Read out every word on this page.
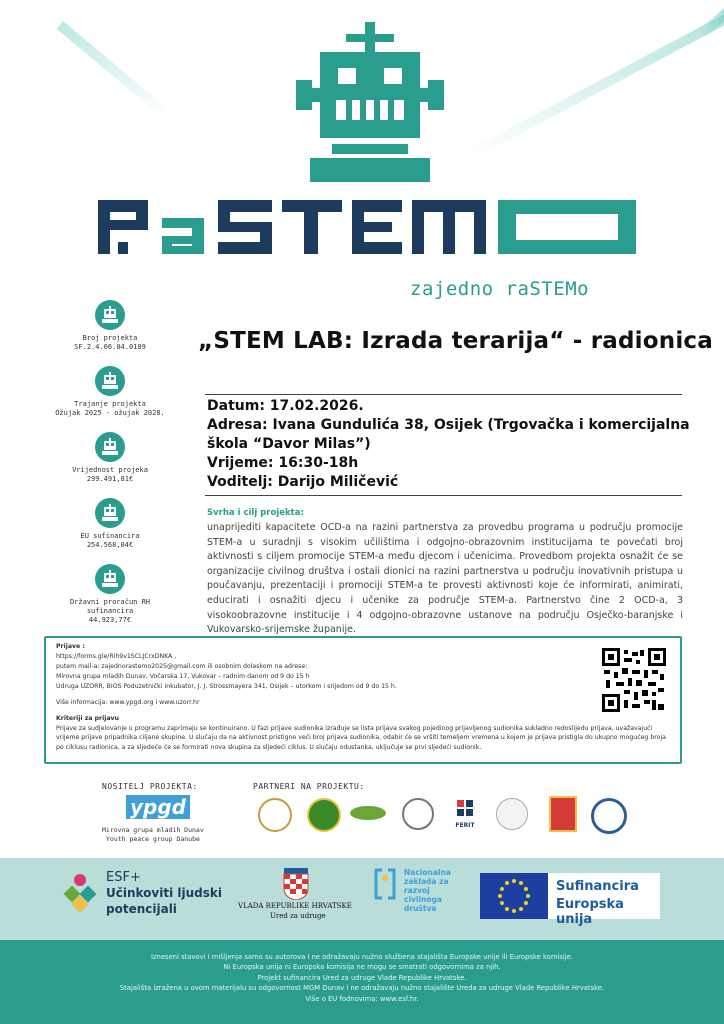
zajedno raSTEMo
Broj projekta
SF.2.4.06.04.0109
Trajanje projekta
Ožujak 2025 - ožujak 2028.
Vrijednost projeka
299.491,81€
EU sufinancira
254.568,04€
Državni proračun RH sufinancira
44.923,77€
„STEM LAB: Izrada terarija“ - radionica
Datum: 17.02.2026.
Adresa: Ivana Gundulića 38, Osijek (Trgovačka i komercijalna
škola “Davor Milas”)
Vrijeme: 16:30-18h
Voditelj: Darijo Miličević
Svrha i cilj projekta:
unaprijediti kapacitete OCD-a na razini partnerstva za provedbu programa u području promocije STEM-a u suradnji s visokim učilištima i odgojno-obrazovnim institucijama te povećati broj aktivnosti s ciljem promocije STEM-a među djecom i učenicima. Provedbom projekta osnažit će se organizacije civilnog društva i ostali dionici na razini partnerstva u području inovativnih pristupa u poučavanju, prezentaciji i promociji STEM-a te provesti aktivnosti koje će informirati, animirati, educirati i osnažiti djecu i učenike za područje STEM-a. Partnerstvo čine 2 OCD-a, 3 visokoobrazovne institucije i 4 odgojno-obrazovne ustanove na području Osječko-baranjske i Vukovarsko-srijemske županije.
Prijave :
https://forms.gle/Rih9v1SCLJCrxDNKA ,
putem mail-a: zajednorastemo2025@gmail.com ili osobnim dolaskom na adrese:
Mirovna grupa mladih Dunav, Vočarska 17, Vukovar – radnim danom od 9 do 15 h
Udruga UZORR, BIOS Poduzetnički inkubator, J. J. Strossmayera 341, Osijek – utorkom i srijedom od 9 do 15 h.
Više informacija: www.ypgd.org i www.uzorr.hr
Kriteriji za prijavu
Prijave za sudjelovanje u programu zaprimaju se kontinuirano. U fazi prijave sudionika izrađuje se lista prijava svakog pojedinog prijavljenog sudionika sukladno redoslijedu prijava, uvažavajući vrijeme prijave pripadnika ciljane skupine. U slučaju da na aktivnost pristigne veći broj prijava sudionika, odabir će se vršiti temeljem vremena u kojem je prijava pristigla do ukupno mogućeg broja po ciklusu radionica, a za sljedeće će se formirati nova skupina za sljedeći ciklus. U slučaju odustanka, uključuje se prvi sljedeći sudionik.
NOSITELJ PROJEKTA:
ypgd
Mirovna grupa mladih Dunav
Youth peace group Danube
PARTNERI NA PROJEKTU:
FERIT
ESF+
Učinkoviti ljudski
potencijali	VLADA REPUBLIKE HRVATSKE
Ured za udruge
Nacionalna
zaklada za
razvoj
civilnoga
društva
Sufinancira
Europska unija

Izneseni stavovi i mišljenja samo su autorova i ne odražavaju nužno službena stajališta Europske unije ili Europske komisije.

Ni Europska unija ni Europska komisija ne mogu se smatrati odgovornima za njih.

Projekt sufinancira Ured za udruge Vlade Republike Hrvatske.

Stajališta izražena u ovom materijalu su odgovornost MGM Dunav i ne odražavaju nužno stajalište Ureda za udruge Vlade Republike Hrvatske.

Više o EU fodnovima: www.esf.hr.
